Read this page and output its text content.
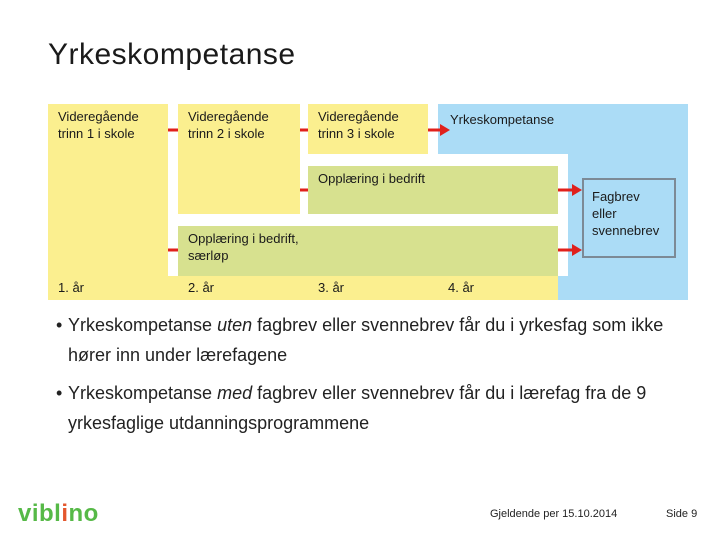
Yrkeskompetanse
Yrkeskompetanse
Videregående
trinn 1 i skole
Videregående
trinn 2 i skole
Videregående
trinn 3 i skole
Opplæring i bedrift
Opplæring i bedrift,
særløp
Fagbrev
eller
svennebrev
1. år	2. år	3. år	4. år
• Yrkeskompetanse uten fagbrev eller svennebrev får du i yrkesfag som ikke hører inn under lærefagene
• Yrkeskompetanse med fagbrev eller svennebrev får du i lærefag fra de 9 yrkesfaglige utdanningsprogrammene
viblino	Gjeldende per 15.10.2014	Side 9
